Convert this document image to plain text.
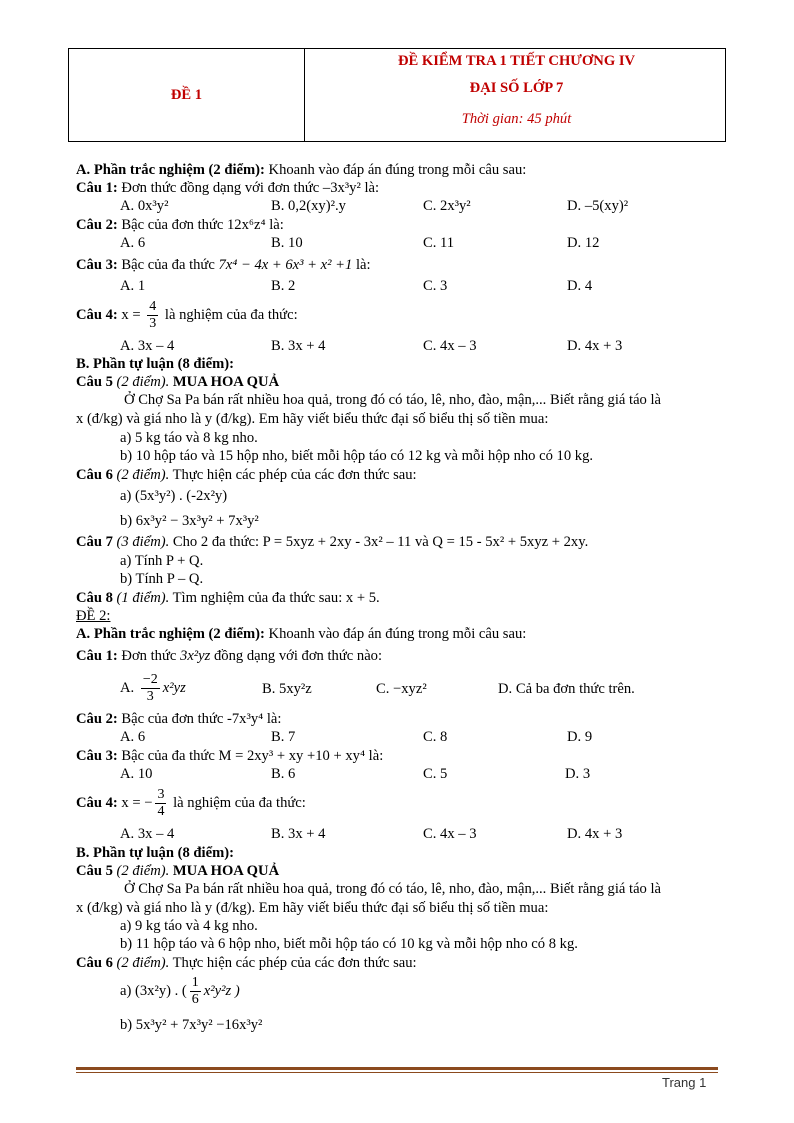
ĐỀ 1
ĐỀ KIỂM TRA 1 TIẾT CHƯƠNG IV
ĐẠI SỐ LỚP 7
Thời gian: 45 phút
A. Phần trắc nghiệm (2 điểm): Khoanh vào đáp án đúng trong mỗi câu sau:
Câu 1: Đơn thức đồng dạng với đơn thức –3x³y² là:
A. 0x³y²	B. 0,2(xy)².y	C. 2x³y²	D. –5(xy)²
Câu 2: Bậc của đơn thức 12x⁶z⁴ là:
A. 6	B. 10	C. 11	D. 12
Câu 3: Bậc của đa thức 7x⁴ − 4x + 6x³ + x² +1 là:
A. 1	B. 2	C. 3	D. 4
Câu 4: $x = \frac{4}{3}$ là nghiệm của đa thức:
A. 3x – 4	B. 3x + 4	C. 4x – 3	D. 4x + 3
B. Phần tự luận (8 điểm):
Câu 5 (2 điểm). MUA HOA QUẢ
Ở Chợ Sa Pa bán rất nhiều hoa quả, trong đó có táo, lê, nho, đào, mận,... Biết rằng giá táo là
x (đ/kg) và giá nho là y (đ/kg). Em hãy viết biểu thức đại số biểu thị số tiền mua:
a) 5 kg táo và 8 kg nho.
b) 10 hộp táo và 15 hộp nho, biết mỗi hộp táo có 12 kg và mỗi hộp nho có 10 kg.
Câu 6 (2 điểm). Thực hiện các phép của các đơn thức sau:
a) (5x³y²) . (-2x²y)
b) 6x³y² − 3x³y² + 7x³y²
Câu 7 (3 điểm). Cho 2 đa thức: P = 5xyz + 2xy - 3x² – 11 và Q = 15 - 5x² + 5xyz + 2xy.
a) Tính P + Q.
b) Tính P – Q.
Câu 8 (1 điểm). Tìm nghiệm của đa thức sau: x + 5.
ĐỀ 2:
A. Phần trắc nghiệm (2 điểm): Khoanh vào đáp án đúng trong mỗi câu sau:
Câu 1: Đơn thức 3x²yz đồng dạng với đơn thức nào:
A. $\frac{-2}{3} x^2yz$	B. 5xy²z	C. −xyz²	D. Cả ba đơn thức trên.
Câu 2: Bậc của đơn thức -7x³y⁴ là:
A. 6	B. 7	C. 8	D. 9
Câu 3: Bậc của đa thức M = 2xy³ + xy +10 + xy⁴ là:
A. 10	B. 6	C. 5	D. 3
Câu 4: x = − $\frac{3}{4}$ là nghiệm của đa thức:
A. 3x – 4	B. 3x + 4	C. 4x – 3	D. 4x + 3
B. Phần tự luận (8 điểm):
Câu 5 (2 điểm). MUA HOA QUẢ
Ở Chợ Sa Pa bán rất nhiều hoa quả, trong đó có táo, lê, nho, đào, mận,... Biết rằng giá táo là
x (đ/kg) và giá nho là y (đ/kg). Em hãy viết biểu thức đại số biểu thị số tiền mua:
a) 9 kg táo và 4 kg nho.
b) 11 hộp táo và 6 hộp nho, biết mỗi hộp táo có 10 kg và mỗi hộp nho có 8 kg.
Câu 6 (2 điểm). Thực hiện các phép của các đơn thức sau:
a) (3x²y) . ( $\frac{1}{6} x^2y^2z$ )
b) 5x³y² + 7x³y² −16x³y²
Trang 1
